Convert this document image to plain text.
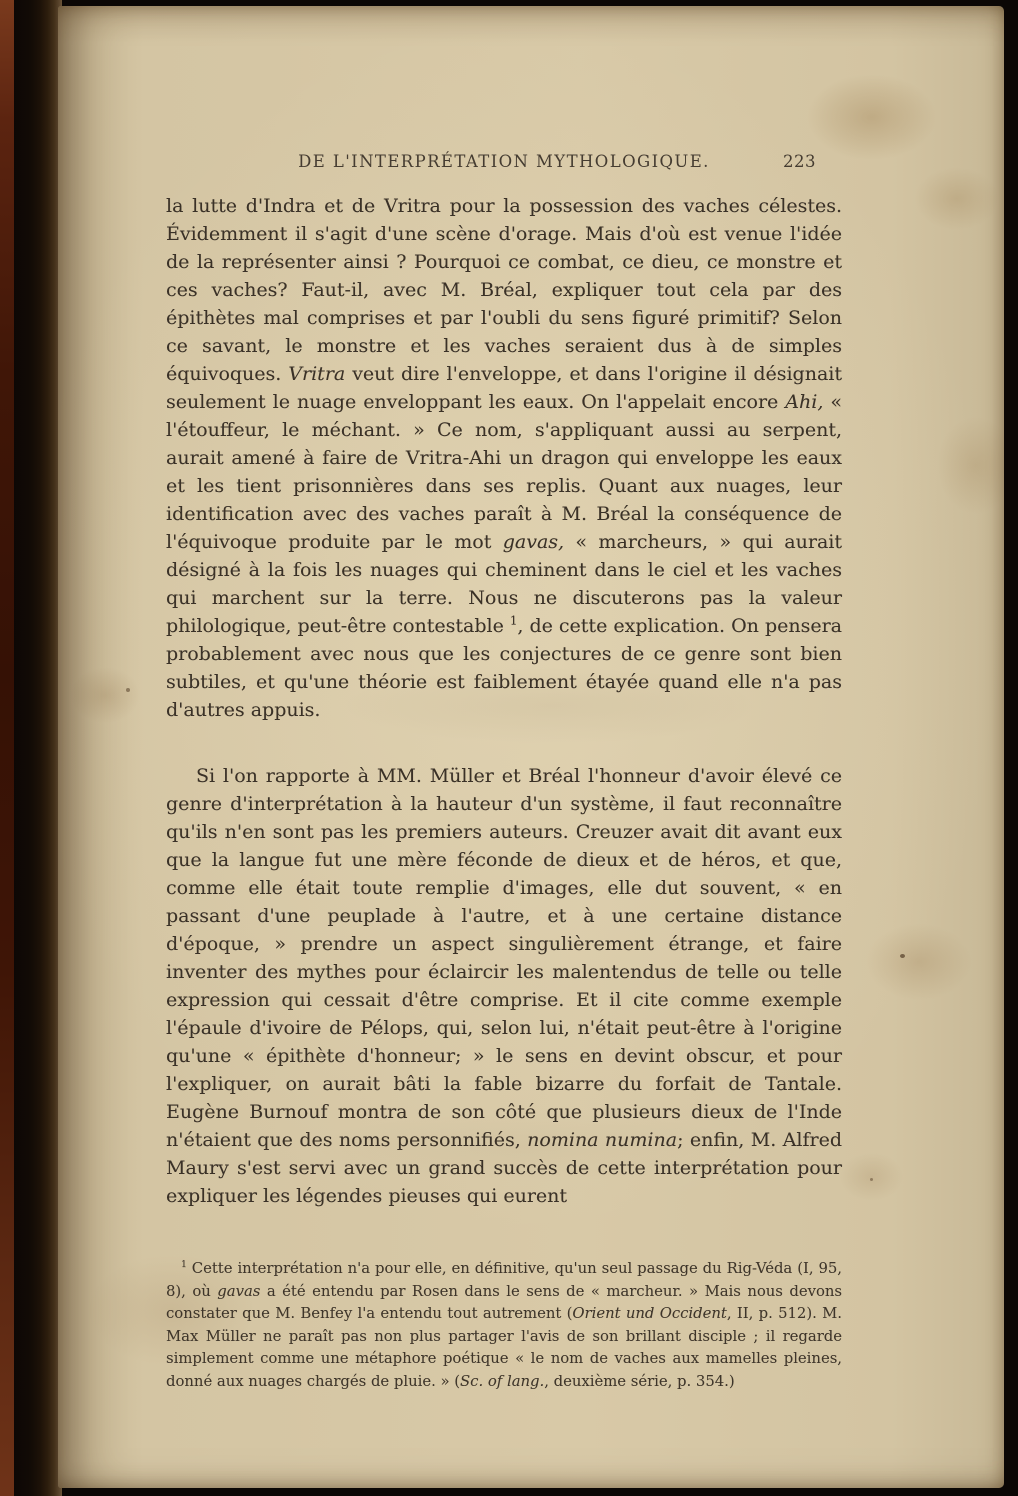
DE L'INTERPRÉTATION MYTHOLOGIQUE.	223

la lutte d'Indra et de Vritra pour la possession des vaches célestes. Évidemment il s'agit d'une scène d'orage. Mais d'où est venue l'idée de la représenter ainsi ? Pourquoi ce combat, ce dieu, ce monstre et ces vaches? Faut-il, avec M. Bréal, expliquer tout cela par des épithètes mal comprises et par l'oubli du sens figuré primitif? Selon ce savant, le monstre et les vaches seraient dus à de simples équivoques. Vritra veut dire l'enveloppe, et dans l'origine il désignait seulement le nuage enveloppant les eaux. On l'appelait encore Ahi, « l'étouffeur, le méchant. » Ce nom, s'appliquant aussi au serpent, aurait amené à faire de Vritra-Ahi un dragon qui enveloppe les eaux et les tient prisonnières dans ses replis. Quant aux nuages, leur identification avec des vaches paraît à M. Bréal la conséquence de l'équivoque produite par le mot gavas, « marcheurs, » qui aurait désigné à la fois les nuages qui cheminent dans le ciel et les vaches qui marchent sur la terre. Nous ne discuterons pas la valeur philologique, peut-être contestable $^1$, de cette explication. On pensera probablement avec nous que les conjectures de ce genre sont bien subtiles, et qu'une théorie est faiblement étayée quand elle n'a pas d'autres appuis.

Si l'on rapporte à MM. Müller et Bréal l'honneur d'avoir élevé ce genre d'interprétation à la hauteur d'un système, il faut reconnaître qu'ils n'en sont pas les premiers auteurs. Creuzer avait dit avant eux que la langue fut une mère féconde de dieux et de héros, et que, comme elle était toute remplie d'images, elle dut souvent, « en passant d'une peuplade à l'autre, et à une certaine distance d'époque, » prendre un aspect singulièrement étrange, et faire inventer des mythes pour éclaircir les malentendus de telle ou telle expression qui cessait d'être comprise. Et il cite comme exemple l'épaule d'ivoire de Pélops, qui, selon lui, n'était peut-être à l'origine qu'une « épithète d'honneur; » le sens en devint obscur, et pour l'expliquer, on aurait bâti la fable bizarre du forfait de Tantale. Eugène Burnouf montra de son côté que plusieurs dieux de l'Inde n'étaient que des noms personnifiés, nomina numina; enfin, M. Alfred Maury s'est servi avec un grand succès de cette interprétation pour expliquer les légendes pieuses qui eurent

$^1$ Cette interprétation n'a pour elle, en définitive, qu'un seul passage du Rig-Véda (I, 95, 8), où gavas a été entendu par Rosen dans le sens de « marcheur. » Mais nous devons constater que M. Benfey l'a entendu tout autrement (Orient und Occident, II, p. 512). M. Max Müller ne paraît pas non plus partager l'avis de son brillant disciple ; il regarde simplement comme une métaphore poétique « le nom de vaches aux mamelles pleines, donné aux nuages chargés de pluie. » (Sc. of lang., deuxième série, p. 354.)
